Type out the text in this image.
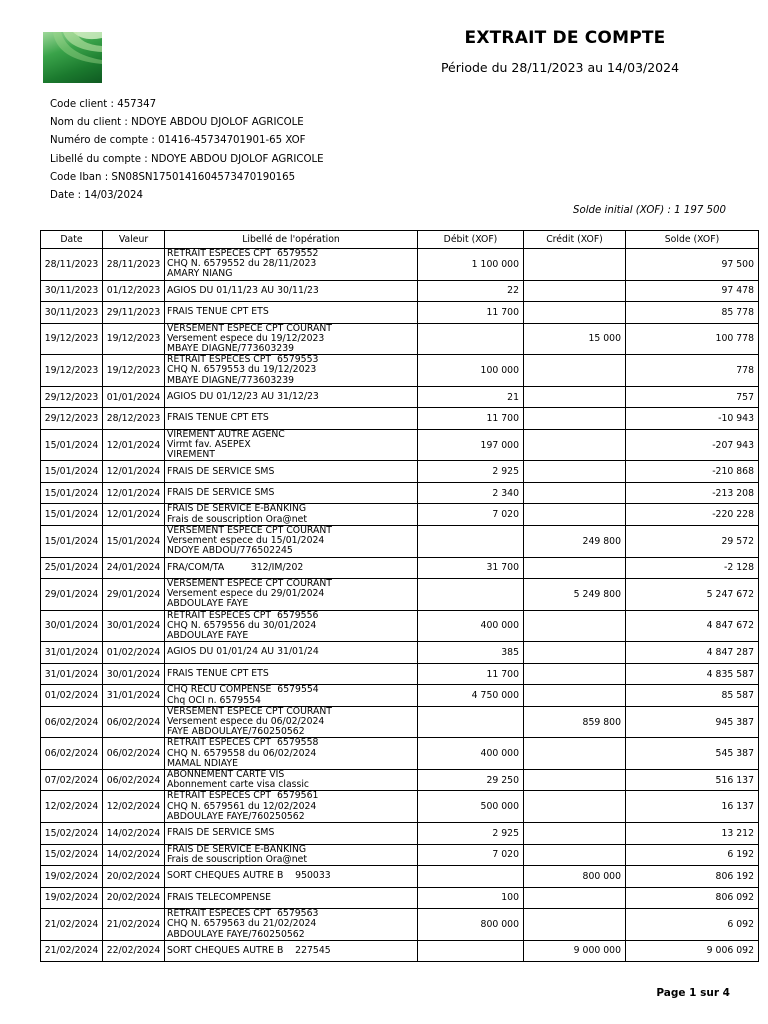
EXTRAIT DE COMPTE
Période du 28/11/2023 au 14/03/2024
Code client : 457347
Nom du client : NDOYE ABDOU DJOLOF AGRICOLE
Numéro de compte : 01416-45734701901-65 XOF
Libellé du compte : NDOYE ABDOU DJOLOF AGRICOLE
Code Iban : SN08SN1750141604573470190165
Date : 14/03/2024
Solde initial (XOF) : 1 197 500
Date	Valeur	Libellé de l'opération	Débit (XOF)	Crédit (XOF)	Solde (XOF)
28/11/2023	28/11/2023	RETRAIT ESPECES CPT  6579552
CHQ N. 6579552 du 28/11/2023
AMARY NIANG	1 100 000		97 500
30/11/2023	01/12/2023	AGIOS DU 01/11/23 AU 30/11/23	22		97 478
30/11/2023	29/11/2023	FRAIS TENUE CPT ETS	11 700		85 778
19/12/2023	19/12/2023	VERSEMENT ESPECE CPT COURANT
Versement espece du 19/12/2023
MBAYE DIAGNE/773603239		15 000	100 778
19/12/2023	19/12/2023	RETRAIT ESPECES CPT  6579553
CHQ N. 6579553 du 19/12/2023
MBAYE DIAGNE/773603239	100 000		778
29/12/2023	01/01/2024	AGIOS DU 01/12/23 AU 31/12/23	21		757
29/12/2023	28/12/2023	FRAIS TENUE CPT ETS	11 700		-10 943
15/01/2024	12/01/2024	VIREMENT AUTRE AGENC
Virmt fav. ASEPEX
VIREMENT	197 000		-207 943
15/01/2024	12/01/2024	FRAIS DE SERVICE SMS	2 925		-210 868
15/01/2024	12/01/2024	FRAIS DE SERVICE SMS	2 340		-213 208
15/01/2024	12/01/2024	FRAIS DE SERVICE E-BANKING
Frais de souscription Ora@net	7 020		-220 228
15/01/2024	15/01/2024	VERSEMENT ESPECE CPT COURANT
Versement espece du 15/01/2024
NDOYE ABDOU/776502245		249 800	29 572
25/01/2024	24/01/2024	FRA/COM/TA         312/IM/202	31 700		-2 128
29/01/2024	29/01/2024	VERSEMENT ESPECE CPT COURANT
Versement espece du 29/01/2024
ABDOULAYE FAYE		5 249 800	5 247 672
30/01/2024	30/01/2024	RETRAIT ESPECES CPT  6579556
CHQ N. 6579556 du 30/01/2024
ABDOULAYE FAYE	400 000		4 847 672
31/01/2024	01/02/2024	AGIOS DU 01/01/24 AU 31/01/24	385		4 847 287
31/01/2024	30/01/2024	FRAIS TENUE CPT ETS	11 700		4 835 587
01/02/2024	31/01/2024	CHQ RECU COMPENSE  6579554
Chq OCI n. 6579554	4 750 000		85 587
06/02/2024	06/02/2024	VERSEMENT ESPECE CPT COURANT
Versement espece du 06/02/2024
FAYE ABDOULAYE/760250562		859 800	945 387
06/02/2024	06/02/2024	RETRAIT ESPECES CPT  6579558
CHQ N. 6579558 du 06/02/2024
MAMAL NDIAYE	400 000		545 387
07/02/2024	06/02/2024	ABONNEMENT CARTE VIS
Abonnement carte visa classic	29 250		516 137
12/02/2024	12/02/2024	RETRAIT ESPECES CPT  6579561
CHQ N. 6579561 du 12/02/2024
ABDOULAYE FAYE/760250562	500 000		16 137
15/02/2024	14/02/2024	FRAIS DE SERVICE SMS	2 925		13 212
15/02/2024	14/02/2024	FRAIS DE SERVICE E-BANKING
Frais de souscription Ora@net	7 020		6 192
19/02/2024	20/02/2024	SORT CHEQUES AUTRE B    950033		800 000	806 192
19/02/2024	20/02/2024	FRAIS TELECOMPENSE	100		806 092
21/02/2024	21/02/2024	RETRAIT ESPECES CPT  6579563
CHQ N. 6579563 du 21/02/2024
ABDOULAYE FAYE/760250562	800 000		6 092
21/02/2024	22/02/2024	SORT CHEQUES AUTRE B    227545		9 000 000	9 006 092
Page 1 sur 4
